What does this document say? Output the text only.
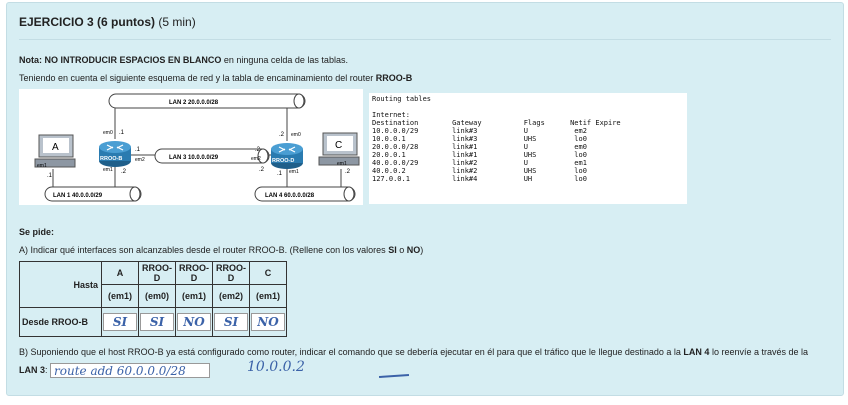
EJERCICIO 3 (6 puntos) (5 min)
Nota: NO INTRODUCIR ESPACIOS EN BLANCO en ninguna celda de las tablas.
Teniendo en cuenta el siguiente esquema de red y la tabla de encaminamiento del router RROO-B
LAN 2 20.0.0.0/28
LAN 3 10.0.0.0/29
LAN 1 40.0.0.0/29	LAN 4 60.0.0.0/28
A
em1
.1
C
em1
.2
RROO-B
em0 .1
.1
em2
em1 .2
RROO-D
.2
em2
.2 em0
.1 em1
.2
Routing tables

Internet:
Destination        Gateway          Flags      Netif Expire
10.0.0.0/29        link#3           U           em2
10.0.0.1           link#3           UHS         lo0
20.0.0.0/28        link#1           U           em0
20.0.0.1           link#1           UHS         lo0
40.0.0.0/29        link#2           U           em1
40.0.0.2           link#2           UHS         lo0
127.0.0.1          link#4           UH          lo0
Se pide:
A) Indicar qué interfaces son alcanzables desde el router RROO-B. (Rellene con los valores SI o NO)
Hasta	A	RROO-D	RROO-D	RROO-D	C
	(em1)	(em0)	(em1)	(em2)	(em1)
Desde RROO-B	SI	SI	NO	SI	NO
B) Suponiendo que el host RROO-B ya está configurado como router, indicar el comando que se debería ejecutar en él para que el tráfico que le llegue destinado a la LAN 4 lo reenvíe a través de la
LAN 3: route add 60.0.0.0/28	10.0.0.2
